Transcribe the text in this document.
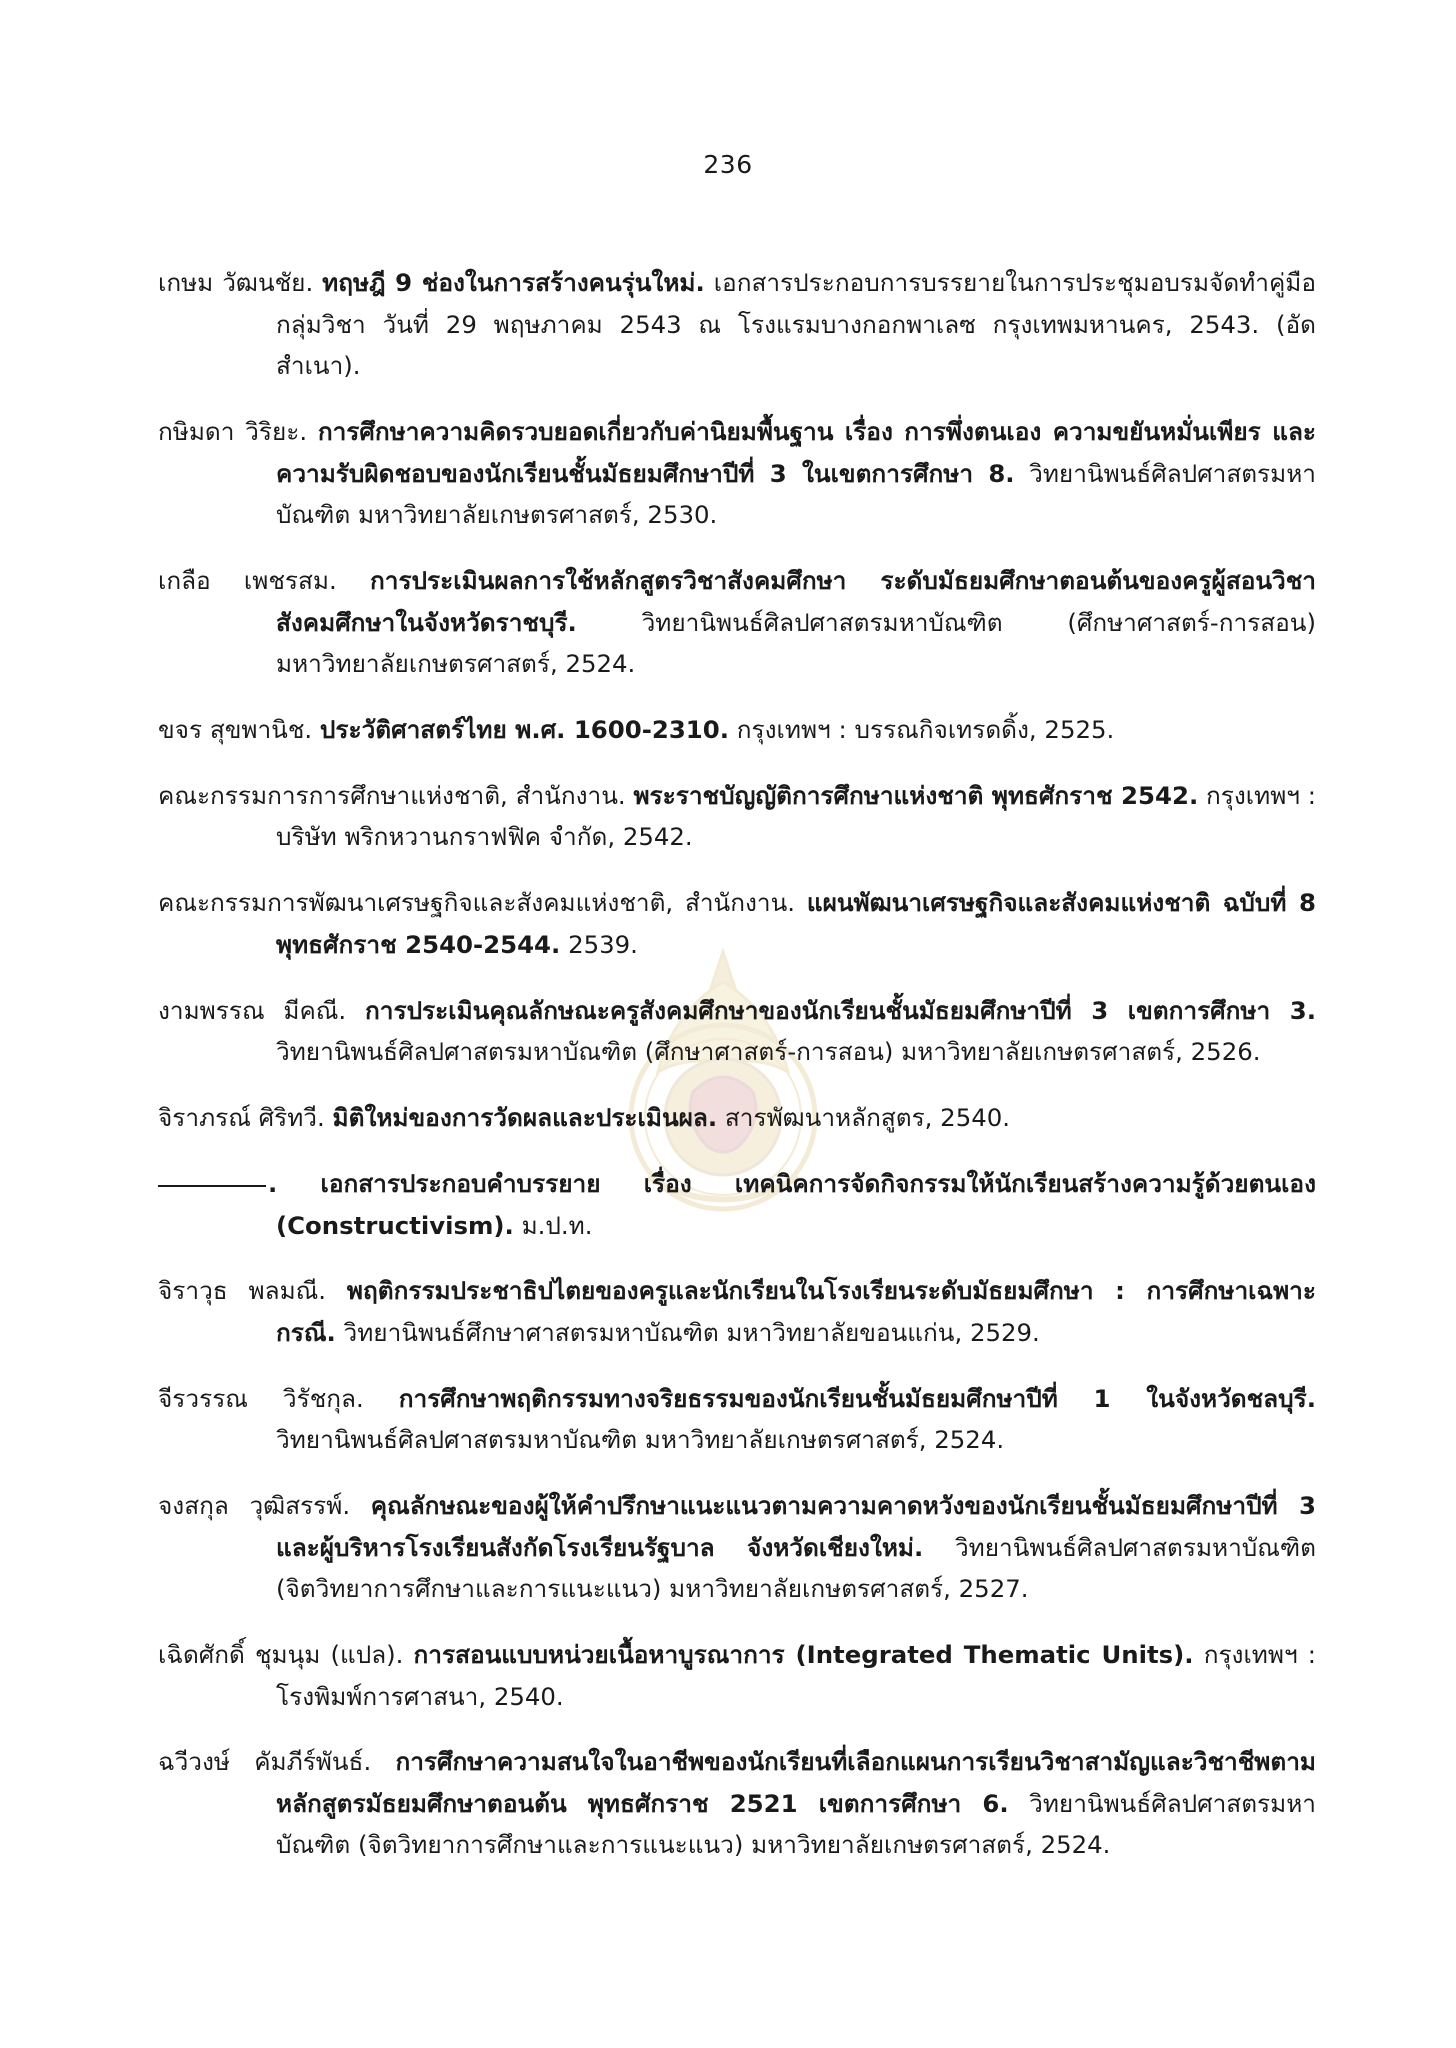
236

เกษม วัฒนชัย. ทฤษฎี 9 ช่องในการสร้างคนรุ่นใหม่. เอกสารประกอบการบรรยายในการประชุมอบรมจัดทำคู่มือกลุ่มวิชา วันที่ 29 พฤษภาคม 2543 ณ โรงแรมบางกอกพาเลซ กรุงเทพมหานคร, 2543. (อัดสำเนา).

กษิมดา วิริยะ. การศึกษาความคิดรวบยอดเกี่ยวกับค่านิยมพื้นฐาน เรื่อง การพึ่งตนเอง ความขยันหมั่นเพียร และความรับผิดชอบของนักเรียนชั้นมัธยมศึกษาปีที่ 3 ในเขตการศึกษา 8. วิทยานิพนธ์ศิลปศาสตรมหาบัณฑิต มหาวิทยาลัยเกษตรศาสตร์, 2530.

เกลือ เพชรสม. การประเมินผลการใช้หลักสูตรวิชาสังคมศึกษา ระดับมัธยมศึกษาตอนต้นของครูผู้สอนวิชาสังคมศึกษาในจังหวัดราชบุรี.	วิทยานิพนธ์ศิลปศาสตรมหาบัณฑิต (ศึกษาศาสตร์-การสอน) มหาวิทยาลัยเกษตรศาสตร์, 2524.

ขจร สุขพานิช. ประวัติศาสตร์ไทย พ.ศ. 1600-2310. กรุงเทพฯ : บรรณกิจเทรดดิ้ง, 2525.

คณะกรรมการการศึกษาแห่งชาติ, สำนักงาน. พระราชบัญญัติการศึกษาแห่งชาติ พุทธศักราช 2542. กรุงเทพฯ : บริษัท พริกหวานกราฟฟิค จำกัด, 2542.

คณะกรรมการพัฒนาเศรษฐกิจและสังคมแห่งชาติ, สำนักงาน. แผนพัฒนาเศรษฐกิจและสังคมแห่งชาติ ฉบับที่ 8 พุทธศักราช 2540-2544. 2539.

งามพรรณ มีคณี. การประเมินคุณลักษณะครูสังคมศึกษาของนักเรียนชั้นมัธยมศึกษาปีที่ 3 เขตการศึกษา 3. วิทยานิพนธ์ศิลปศาสตรมหาบัณฑิต (ศึกษาศาสตร์-การสอน) มหาวิทยาลัยเกษตรศาสตร์, 2526.

จิราภรณ์ ศิริทวี. มิติใหม่ของการวัดผลและประเมินผล. สารพัฒนาหลักสูตร, 2540.

. เอกสารประกอบคำบรรยาย เรื่อง เทคนิคการจัดกิจกรรมให้นักเรียนสร้างความรู้ด้วยตนเอง (Constructivism). ม.ป.ท.

จิราวุธ พลมณี. พฤติกรรมประชาธิปไตยของครูและนักเรียนในโรงเรียนระดับมัธยมศึกษา : การศึกษาเฉพาะกรณี. วิทยานิพนธ์ศึกษาศาสตรมหาบัณฑิต มหาวิทยาลัยขอนแก่น, 2529.

จีรวรรณ วิรัชกุล. การศึกษาพฤติกรรมทางจริยธรรมของนักเรียนชั้นมัธยมศึกษาปีที่ 1 ในจังหวัดชลบุรี. วิทยานิพนธ์ศิลปศาสตรมหาบัณฑิต มหาวิทยาลัยเกษตรศาสตร์, 2524.

จงสกุล วุฒิสรรพ์. คุณลักษณะของผู้ให้คำปรึกษาแนะแนวตามความคาดหวังของนักเรียนชั้นมัธยมศึกษาปีที่ 3 และผู้บริหารโรงเรียนสังกัดโรงเรียนรัฐบาล จังหวัดเชียงใหม่. วิทยานิพนธ์ศิลปศาสตรมหาบัณฑิต (จิตวิทยาการศึกษาและการแนะแนว) มหาวิทยาลัยเกษตรศาสตร์, 2527.

เฉิดศักดิ์ ชุมนุม (แปล). การสอนแบบหน่วยเนื้อหาบูรณาการ (Integrated Thematic Units). กรุงเทพฯ : โรงพิมพ์การศาสนา, 2540.

ฉวีวงษ์ คัมภีร์พันธ์. การศึกษาความสนใจในอาชีพของนักเรียนที่เลือกแผนการเรียนวิชาสามัญและวิชาชีพตามหลักสูตรมัธยมศึกษาตอนต้น พุทธศักราช 2521 เขตการศึกษา 6. วิทยานิพนธ์ศิลปศาสตรมหาบัณฑิต (จิตวิทยาการศึกษาและการแนะแนว) มหาวิทยาลัยเกษตรศาสตร์, 2524.
